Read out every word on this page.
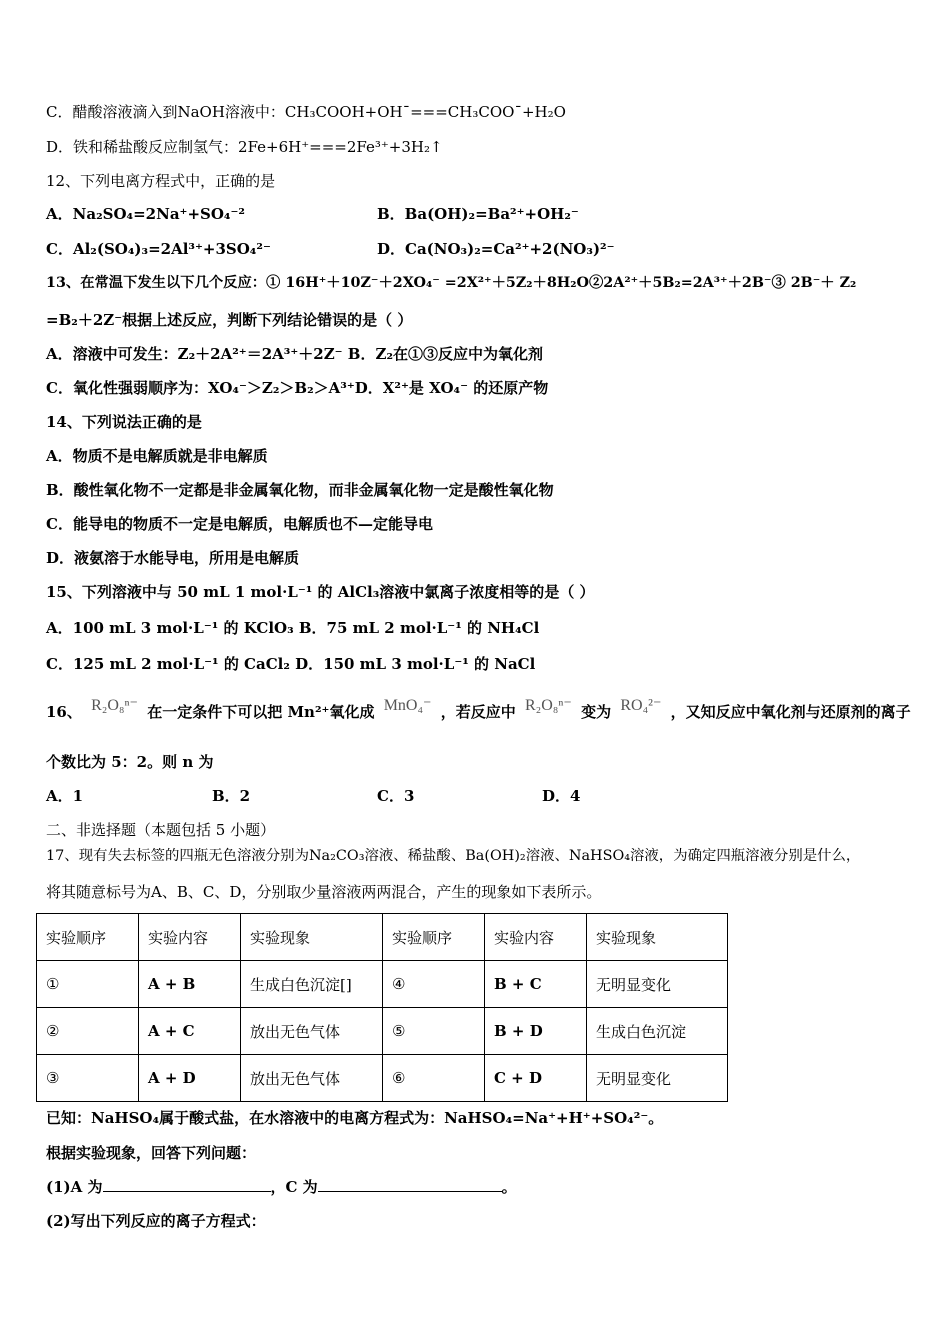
C．醋酸溶液滴入到NaOH溶液中：CH₃COOH+OH¯===CH₃COO¯+H₂O
D．铁和稀盐酸反应制氢气：2Fe+6H⁺===2Fe³⁺+3H₂↑
12、下列电离方程式中，正确的是
A．Na₂SO₄=2Na⁺+SO₄⁻²	B．Ba(OH)₂=Ba²⁺+OH₂⁻
C．Al₂(SO₄)₃=2Al³⁺+3SO₄²⁻	D．Ca(NO₃)₂=Ca²⁺+2(NO₃)²⁻
13、在常温下发生以下几个反应：① 16H⁺＋10Z⁻＋2XO₄⁻ =2X²⁺＋5Z₂＋8H₂O②2A²⁺＋5B₂=2A³⁺＋2B⁻③ 2B⁻＋ Z₂
=B₂＋2Z⁻根据上述反应，判断下列结论错误的是（ ）
A．溶液中可发生：Z₂＋2A²⁺＝2A³⁺＋2Z⁻ B．Z₂在①③反应中为氧化剂
C．氧化性强弱顺序为：XO₄⁻＞Z₂＞B₂＞A³⁺D．X²⁺是 XO₄⁻ 的还原产物
14、下列说法正确的是
A．物质不是电解质就是非电解质
B．酸性氧化物不一定都是非金属氧化物，而非金属氧化物一定是酸性氧化物
C．能导电的物质不一定是电解质，电解质也不—定能导电
D．液氨溶于水能导电，所用是电解质
15、下列溶液中与 50 mL 1 mol·L⁻¹ 的 AlCl₃溶液中氯离子浓度相等的是（ ）
A．100 mL 3 mol·L⁻¹ 的 KClO₃ B．75 mL 2 mol·L⁻¹ 的 NH₄Cl
C．125 mL 2 mol·L⁻¹ 的 CaCl₂ D．150 mL 3 mol·L⁻¹ 的 NaCl
16、 R₂O₈ⁿ⁻ 在一定条件下可以把 Mn²⁺氧化成 MnO₄⁻ ，若反应中 R₂O₈ⁿ⁻ 变为 RO₄²⁻ ，又知反应中氧化剂与还原剂的离子
个数比为 5：2。则 n 为
A．1	B．2	C．3	D．4
二、非选择题（本题包括 5 小题）
17、现有失去标签的四瓶无色溶液分别为Na₂CO₃溶液、稀盐酸、Ba(OH)₂溶液、NaHSO₄溶液，为确定四瓶溶液分别是什么，
将其随意标号为A、B、C、D，分别取少量溶液两两混合，产生的现象如下表所示。
实验顺序	实验内容	实验现象	实验顺序	实验内容	实验现象
①	A + B	生成白色沉淀[]	④	B + C	无明显变化
②	A + C	放出无色气体	⑤	B + D	生成白色沉淀
③	A + D	放出无色气体	⑥	C + D	无明显变化
已知：NaHSO₄属于酸式盐，在水溶液中的电离方程式为：NaHSO₄=Na⁺+H⁺+SO₄²⁻。
根据实验现象，回答下列问题：
(1)A 为	，C 为	。
(2)写出下列反应的离子方程式：
